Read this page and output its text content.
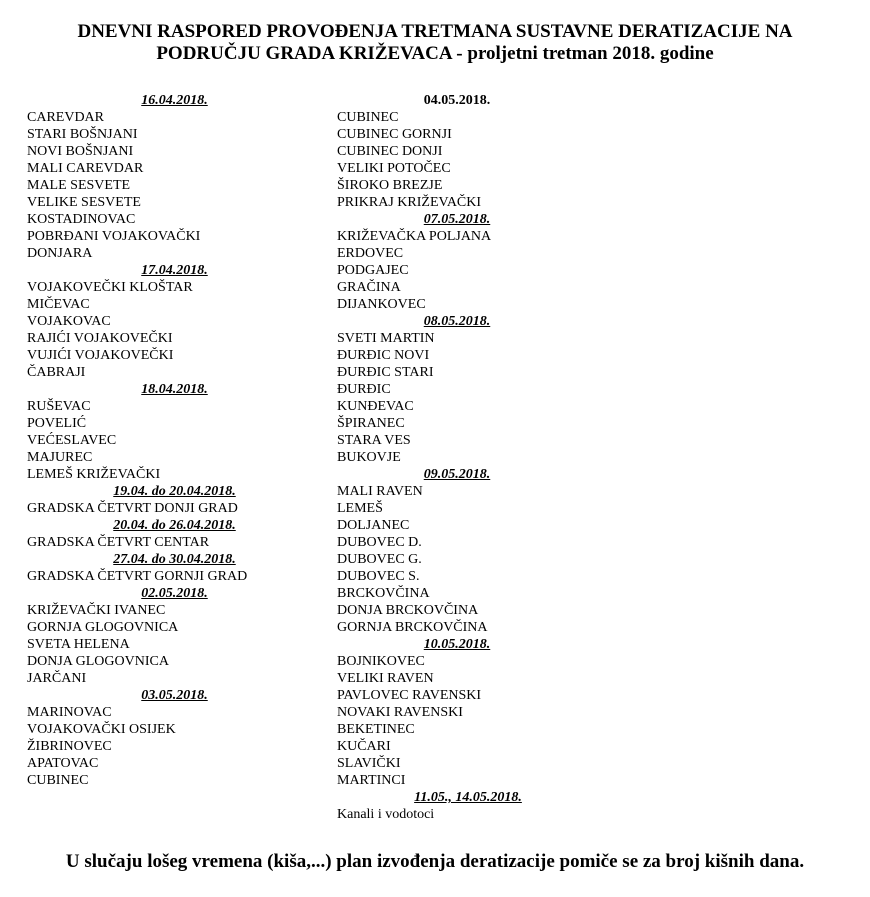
DNEVNI RASPORED PROVOĐENJA TRETMANA SUSTAVNE DERATIZACIJE NA
PODRUČJU GRADA KRIŽEVACA - proljetni tretman 2018. godine
16.04.2018.
CAREVDAR
STARI BOŠNJANI
NOVI BOŠNJANI
MALI CAREVDAR
MALE SESVETE
VELIKE SESVETE
KOSTADINOVAC
POBRĐANI VOJAKOVAČKI
DONJARA
17.04.2018.
VOJAKOVEČKI KLOŠTAR
MIČEVAC
VOJAKOVAC
RAJIĆI VOJAKOVEČKI
VUJIĆI VOJAKOVEČKI
ČABRAJI
18.04.2018.
RUŠEVAC
POVELIĆ
VEĆESLAVEC
MAJUREC
LEMEŠ KRIŽEVAČKI
19.04. do 20.04.2018.
GRADSKA ČETVRT DONJI GRAD
20.04. do 26.04.2018.
GRADSKA ČETVRT CENTAR
27.04. do 30.04.2018.
GRADSKA ČETVRT GORNJI GRAD
02.05.2018.
KRIŽEVAČKI IVANEC
GORNJA GLOGOVNICA
SVETA HELENA
DONJA GLOGOVNICA
JARČANI
03.05.2018.
MARINOVAC
VOJAKOVAČKI OSIJEK
ŽIBRINOVEC
APATOVAC
CUBINEC
04.05.2018.
CUBINEC
CUBINEC GORNJI
CUBINEC DONJI
VELIKI POTOČEC
ŠIROKO BREZJE
PRIKRAJ KRIŽEVAČKI
07.05.2018.
KRIŽEVAČKA POLJANA
ERDOVEC
PODGAJEC
GRAČINA
DIJANKOVEC
08.05.2018.
SVETI MARTIN
ĐURĐIC NOVI
ĐURĐIC STARI
ĐURĐIC
KUNĐEVAC
ŠPIRANEC
STARA VES
BUKOVJE
09.05.2018.
MALI RAVEN
LEMEŠ
DOLJANEC
DUBOVEC D.
DUBOVEC G.
DUBOVEC S.
BRCKOVČINA
DONJA BRCKOVČINA
GORNJA BRCKOVČINA
10.05.2018.
BOJNIKOVEC
VELIKI RAVEN
PAVLOVEC RAVENSKI
NOVAKI RAVENSKI
BEKETINEC
KUČARI
SLAVIČKI
MARTINCI
11.05., 14.05.2018.
Kanali i vodotoci
U slučaju lošeg vremena (kiša,...) plan izvođenja deratizacije pomiče se za broj kišnih dana.
